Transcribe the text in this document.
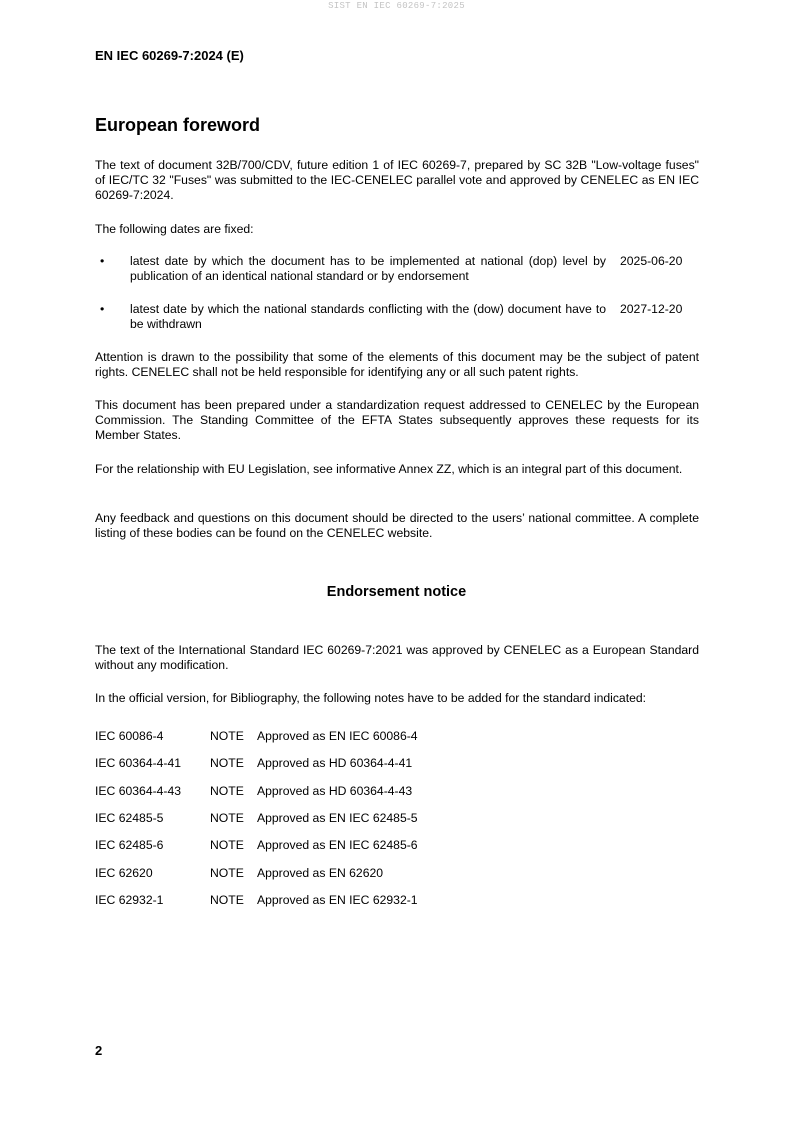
SIST EN IEC 60269-7:2025
EN IEC 60269-7:2024 (E)
European foreword

The text of document 32B/700/CDV, future edition 1 of IEC 60269-7, prepared by SC 32B "Low-voltage fuses" of IEC/TC 32 "Fuses" was submitted to the IEC-CENELEC parallel vote and approved by CENELEC as EN IEC 60269-7:2024.

The following dates are fixed:

• latest date by which the document has to be implemented at national (dop) level by publication of an identical national standard or by endorsement
2025-06-20
• latest date by which the national standards conflicting with the (dow) document have to be withdrawn
2027-12-20

Attention is drawn to the possibility that some of the elements of this document may be the subject of patent rights. CENELEC shall not be held responsible for identifying any or all such patent rights.

This document has been prepared under a standardization request addressed to CENELEC by the European Commission. The Standing Committee of the EFTA States subsequently approves these requests for its Member States.

For the relationship with EU Legislation, see informative Annex ZZ, which is an integral part of this document.

Any feedback and questions on this document should be directed to the users’ national committee. A complete listing of these bodies can be found on the CENELEC website.

Endorsement notice

The text of the International Standard IEC 60269-7:2021 was approved by CENELEC as a European Standard without any modification.

In the official version, for Bibliography, the following notes have to be added for the standard indicated:

IEC 60086-4	NOTE Approved as EN IEC 60086-4
IEC 60364-4-41 NOTE Approved as HD 60364-4-41
IEC 60364-4-43 NOTE Approved as HD 60364-4-43
IEC 62485-5	NOTE Approved as EN IEC 62485-5
IEC 62485-6	NOTE Approved as EN IEC 62485-6
IEC 62620	NOTE Approved as EN 62620
IEC 62932-1	NOTE Approved as EN IEC 62932-1
2
